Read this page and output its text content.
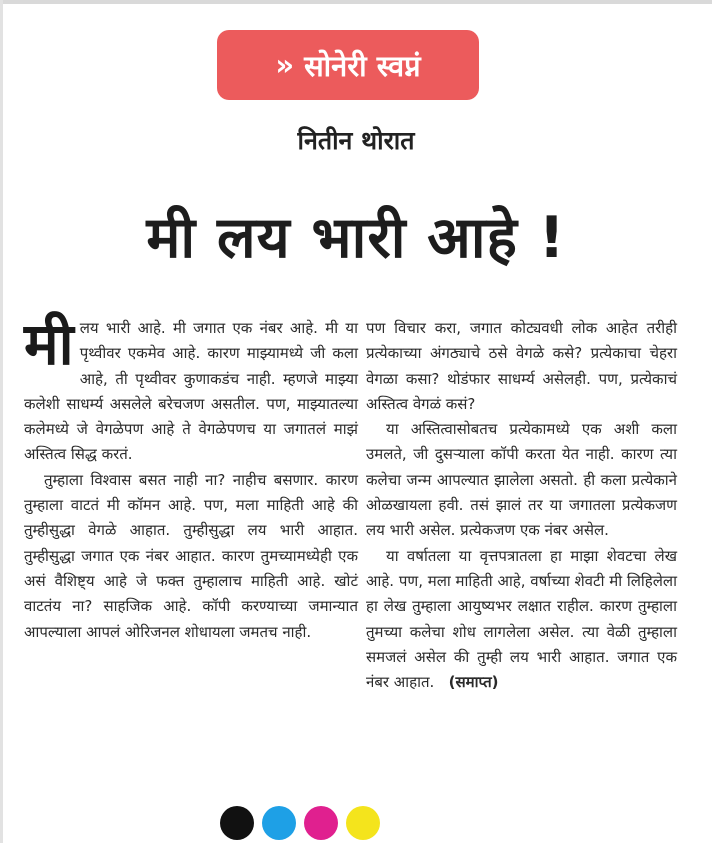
» सोनेरी स्वप्नं
नितीन थोरात
मी लय भारी आहे !

मी लय भारी आहे. मी जगात एक नंबर आहे. मी या पृथ्वीवर एकमेव आहे. कारण माझ्यामध्ये जी कला आहे, ती पृथ्वीवर कुणाकडंच नाही. म्हणजे माझ्या कलेशी साधर्म्य असलेले बरेचजण असतील. पण, माझ्यातल्या कलेमध्ये जे वेगळेपण आहे ते वेगळेपणच या जगातलं माझं अस्तित्व सिद्ध करतं.

तुम्हाला विश्वास बसत नाही ना? नाहीच बसणार. कारण तुम्हाला वाटतं मी कॉमन आहे. पण, मला माहिती आहे की तुम्हीसुद्धा वेगळे आहात. तुम्हीसुद्धा लय भारी आहात. तुम्हीसुद्धा जगात एक नंबर आहात. कारण तुमच्यामध्येही एक असं वैशिष्ट्य आहे जे फक्त तुम्हालाच माहिती आहे. खोटं वाटतंय ना? साहजिक आहे. कॉपी करण्याच्या जमान्यात आपल्याला आपलं ओरिजनल शोधायला जमतच नाही.

पण विचार करा, जगात कोट्यवधी लोक आहेत तरीही प्रत्येकाच्या अंगठ्याचे ठसे वेगळे कसे? प्रत्येकाचा चेहरा वेगळा कसा? थोडंफार साधर्म्य असेलही. पण, प्रत्येकाचं अस्तित्व वेगळं कसं?

या अस्तित्वासोबतच प्रत्येकामध्ये एक अशी कला उमलते, जी दुसऱ्याला कॉपी करता येत नाही. कारण त्या कलेचा जन्म आपल्यात झालेला असतो. ही कला प्रत्येकाने ओळखायला हवी. तसं झालं तर या जगातला प्रत्येकजण लय भारी असेल. प्रत्येकजण एक नंबर असेल.

या वर्षातला या वृत्तपत्रातला हा माझा शेवटचा लेख आहे. पण, मला माहिती आहे, वर्षाच्या शेवटी मी लिहिलेला हा लेख तुम्हाला आयुष्यभर लक्षात राहील. कारण तुम्हाला तुमच्या कलेचा शोध लागलेला असेल. त्या वेळी तुम्हाला समजलं असेल की तुम्ही लय भारी आहात. जगात एक नंबर आहात. (समाप्त)
